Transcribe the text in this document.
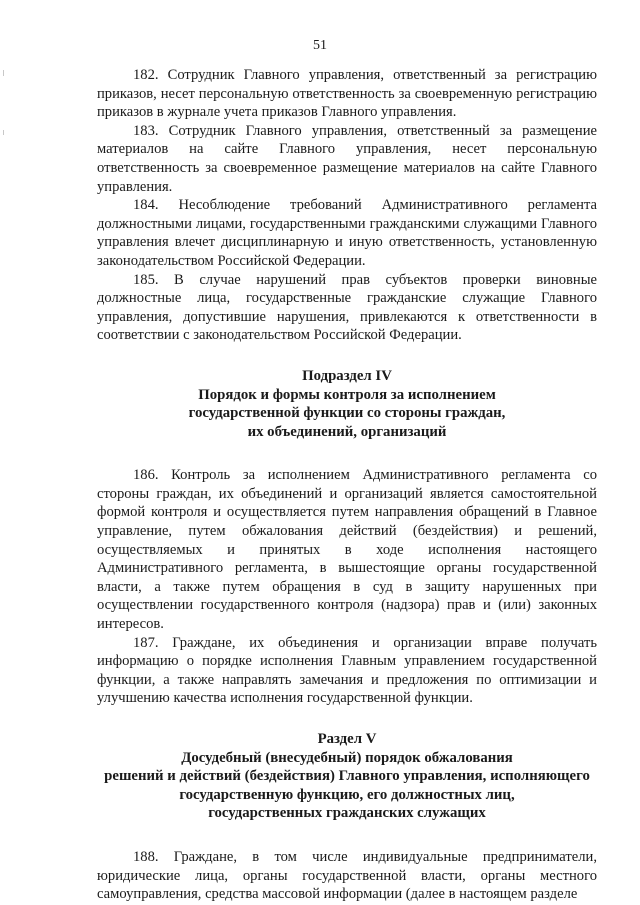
51

182. Сотрудник Главного управления, ответственный за регистрацию приказов, несет персональную ответственность за своевременную регистрацию приказов в журнале учета приказов Главного управления.

183. Сотрудник Главного управления, ответственный за размещение материалов на сайте Главного управления, несет персональную ответственность за своевременное размещение материалов на сайте Главного управления.

184. Несоблюдение требований Административного регламента должностными лицами, государственными гражданскими служащими Главного управления влечет дисциплинарную и иную ответственность, установленную законодательством Российской Федерации.

185. В случае нарушений прав субъектов проверки виновные должностные лица, государственные гражданские служащие Главного управления, допустившие нарушения, привлекаются к ответственности в соответствии с законодательством Российской Федерации.

Подраздел IV
Порядок и формы контроля за исполнением
государственной функции со стороны граждан,
их объединений, организаций

186. Контроль за исполнением Административного регламента со стороны граждан, их объединений и организаций является самостоятельной формой контроля и осуществляется путем направления обращений в Главное управление, путем обжалования действий (бездействия) и решений, осуществляемых и принятых в ходе исполнения настоящего Административного регламента, в вышестоящие органы государственной власти, а также путем обращения в суд в защиту нарушенных при осуществлении государственного контроля (надзора) прав и (или) законных интересов.

187. Граждане, их объединения и организации вправе получать информацию о порядке исполнения Главным управлением государственной функции, а также направлять замечания и предложения по оптимизации и улучшению качества исполнения государственной функции.

Раздел V
Досудебный (внесудебный) порядок обжалования
решений и действий (бездействия) Главного управления, исполняющего
государственную функцию, его должностных лиц,
государственных гражданских служащих

188. Граждане, в том числе индивидуальные предприниматели, юридические лица, органы государственной власти, органы местного самоуправления, средства массовой информации (далее в настоящем разделе
